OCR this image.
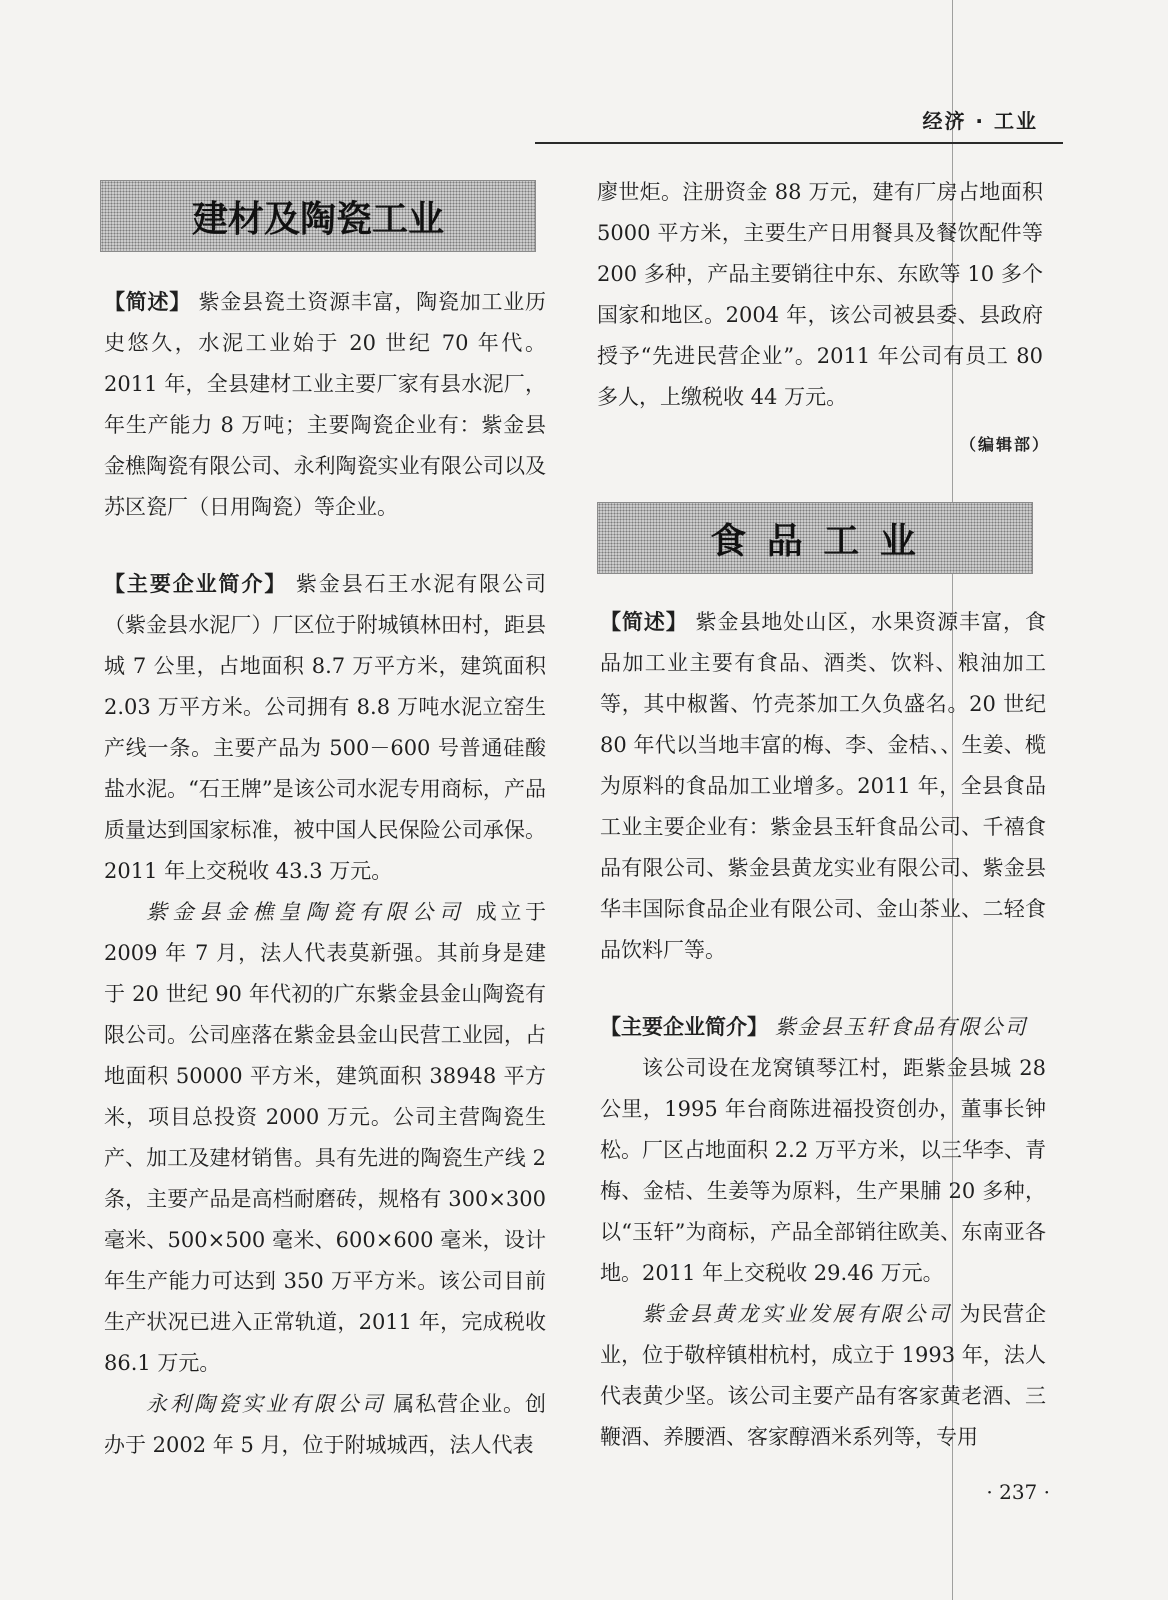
经济 · 工业
建材及陶瓷工业

【简述】 紫金县瓷土资源丰富，陶瓷加工业历史悠久，水泥工业始于 20 世纪 70 年代。2011 年，全县建材工业主要厂家有县水泥厂，年生产能力 8 万吨；主要陶瓷企业有：紫金县金樵陶瓷有限公司、永利陶瓷实业有限公司以及苏区瓷厂（日用陶瓷）等企业。

【主要企业简介】 紫金县石王水泥有限公司（紫金县水泥厂）厂区位于附城镇林田村，距县城 7 公里，占地面积 8.7 万平方米，建筑面积 2.03 万平方米。公司拥有 8.8 万吨水泥立窑生产线一条。主要产品为 500－600 号普通硅酸盐水泥。“石王牌”是该公司水泥专用商标，产品质量达到国家标准，被中国人民保险公司承保。2011 年上交税收 43.3 万元。

紫金县金樵皇陶瓷有限公司 成立于 2009 年 7 月，法人代表莫新强。其前身是建于 20 世纪 90 年代初的广东紫金县金山陶瓷有限公司。公司座落在紫金县金山民营工业园，占地面积 50000 平方米，建筑面积 38948 平方米，项目总投资 2000 万元。公司主营陶瓷生产、加工及建材销售。具有先进的陶瓷生产线 2 条，主要产品是高档耐磨砖，规格有 300×300 毫米、500×500 毫米、600×600 毫米，设计年生产能力可达到 350 万平方米。该公司目前生产状况已进入正常轨道，2011 年，完成税收 86.1 万元。

永利陶瓷实业有限公司 属私营企业。创办于 2002 年 5 月，位于附城城西，法人代表

廖世炬。注册资金 88 万元，建有厂房占地面积 5000 平方米，主要生产日用餐具及餐饮配件等 200 多种，产品主要销往中东、东欧等 10 多个国家和地区。2004 年，该公司被县委、县政府授予“先进民营企业”。2011 年公司有员工 80 多人，上缴税收 44 万元。

（编辑部）
食 品 工 业

【简述】 紫金县地处山区，水果资源丰富，食品加工业主要有食品、酒类、饮料、粮油加工等，其中椒酱、竹壳茶加工久负盛名。20 世纪 80 年代以当地丰富的梅、李、金桔、、生姜、榄为原料的食品加工业增多。2011 年，全县食品工业主要企业有：紫金县玉轩食品公司、千禧食品有限公司、紫金县黄龙实业有限公司、紫金县华丰国际食品企业有限公司、金山茶业、二轻食品饮料厂等。

【主要企业简介】 紫金县玉轩食品有限公司

该公司设在龙窝镇琴江村，距紫金县城 28 公里，1995 年台商陈进福投资创办，董事长钟松。厂区占地面积 2.2 万平方米，以三华李、青梅、金桔、生姜等为原料，生产果脯 20 多种，以“玉轩”为商标，产品全部销往欧美、东南亚各地。2011 年上交税收 29.46 万元。

紫金县黄龙实业发展有限公司 为民营企业，位于敬梓镇柑杭村，成立于 1993 年，法人代表黄少坚。该公司主要产品有客家黄老酒、三鞭酒、养腰酒、客家醇酒米系列等，专用

· 237 ·
